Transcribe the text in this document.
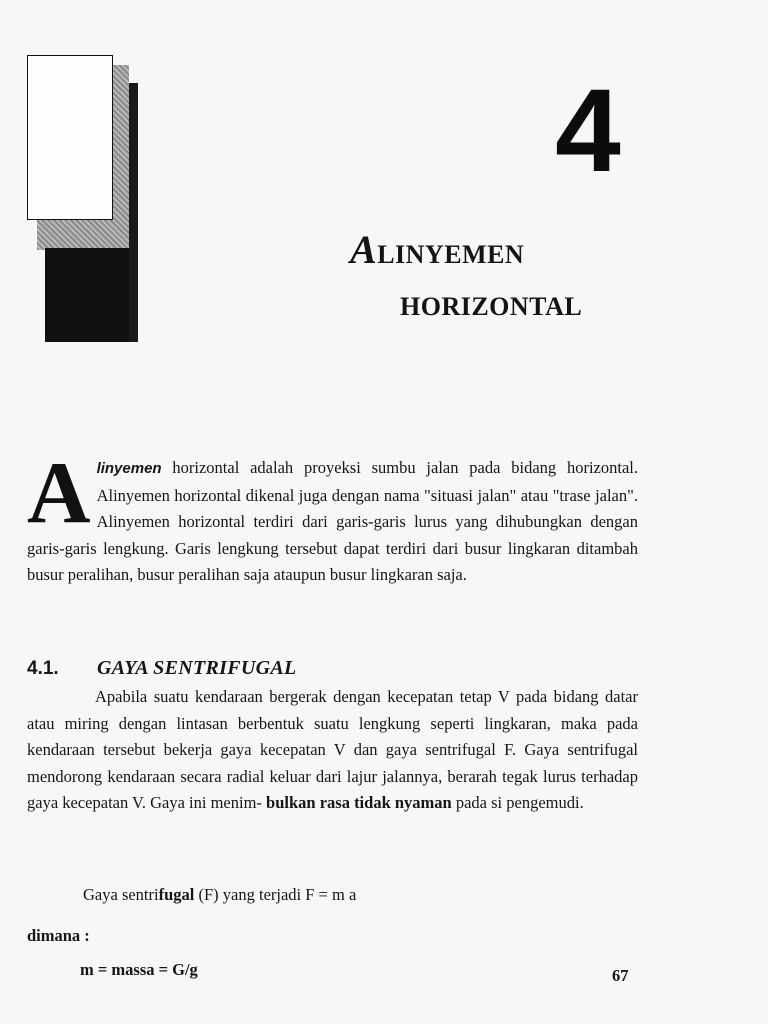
4
ALINYEMEN
HORIZONTAL
Alinyemen horizontal adalah proyeksi sumbu jalan pada bidang horizontal. Alinyemen horizontal dikenal juga dengan nama "situasi jalan" atau "trase jalan". Alinyemen horizontal terdiri dari garis-garis lurus yang dihubungkan dengan garis-garis lengkung. Garis lengkung tersebut dapat terdiri dari busur lingkaran ditambah busur peralihan, busur peralihan saja ataupun busur lingkaran saja.
4.1. GAYA SENTRIFUGAL
Apabila suatu kendaraan bergerak dengan kecepatan tetap V pada bidang datar atau miring dengan lintasan berbentuk suatu lengkung seperti lingkaran, maka pada kendaraan tersebut bekerja gaya kecepatan V dan gaya sentrifugal F. Gaya sentrifugal mendorong kendaraan secara radial keluar dari lajur jalannya, berarah tegak lurus terhadap gaya kecepatan V. Gaya ini menim- bulkan rasa tidak nyaman pada si pengemudi.
Gaya sentrifugal (F) yang terjadi F = m a
dimana :
m = massa = G/g	67
